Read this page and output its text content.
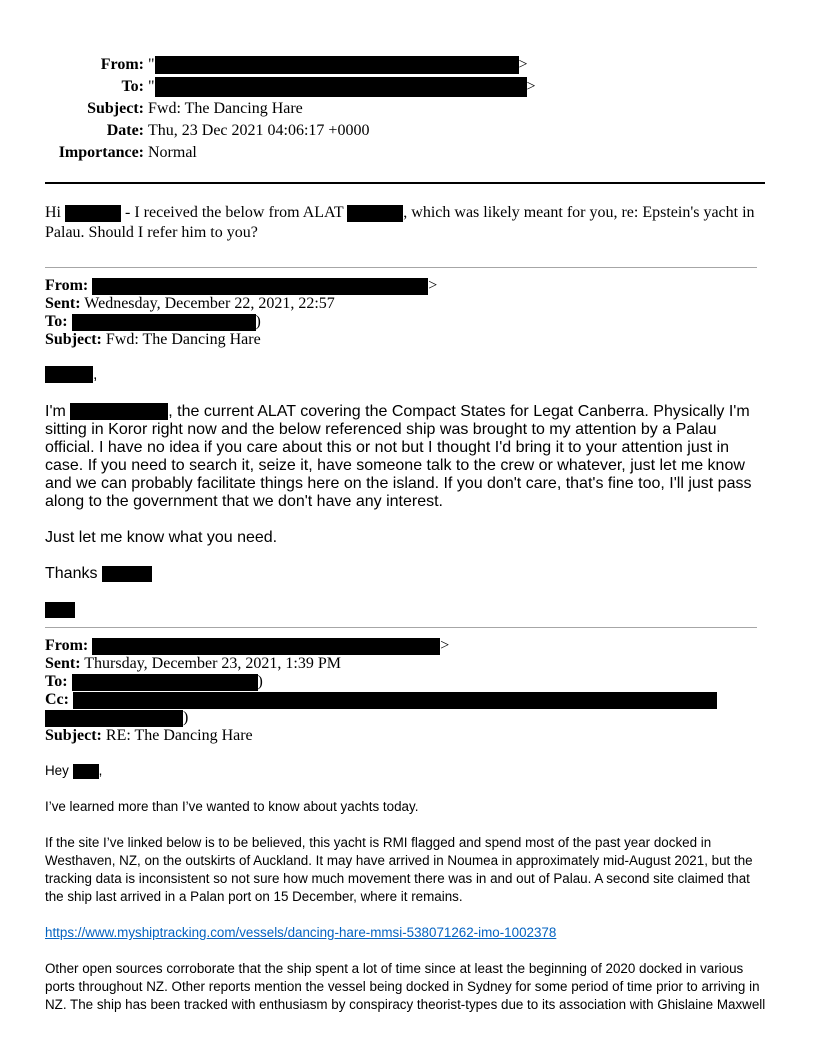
From: "	>
To: "	>
Subject: Fwd: The Dancing Hare
Date: Thu, 23 Dec 2021 04:06:17 +0000
Importance: Normal
Hi	- I received the below from ALAT	, which was likely meant for you, re: Epstein's yacht in Palau. Should I refer him to you?
From:	>
Sent: Wednesday, December 22, 2021, 22:57
To:	)
Subject: Fwd: The Dancing Hare
,

I'm	, the current ALAT covering the Compact States for Legat Canberra. Physically I'm sitting in Koror right now and the below referenced ship was brought to my attention by a Palau official. I have no idea if you care about this or not but I thought I'd bring it to your attention just in case. If you need to search it, seize it, have someone talk to the crew or whatever, just let me know and we can probably facilitate things here on the island. If you don't care, that's fine too, I'll just pass along to the government that we don't have any interest.

Just let me know what you need.
Thanks
From:	>
Sent: Thursday, December 23, 2021, 1:39 PM
To:	)
Cc:
)
Subject: RE: The Dancing Hare
Hey ,
I’ve learned more than I’ve wanted to know about yachts today.
If the site I’ve linked below is to be believed, this yacht is RMI flagged and spend most of the past year docked in Westhaven, NZ, on the outskirts of Auckland. It may have arrived in Noumea in approximately mid-August 2021, but the tracking data is inconsistent so not sure how much movement there was in and out of Palau. A second site claimed that the ship last arrived in a Palan port on 15 December, where it remains.
https://www.myshiptracking.com/vessels/dancing-hare-mmsi-538071262-imo-1002378
Other open sources corroborate that the ship spent a lot of time since at least the beginning of 2020 docked in various ports throughout NZ. Other reports mention the vessel being docked in Sydney for some period of time prior to arriving in NZ. The ship has been tracked with enthusiasm by conspiracy theorist-types due to its association with Ghislaine Maxwell
